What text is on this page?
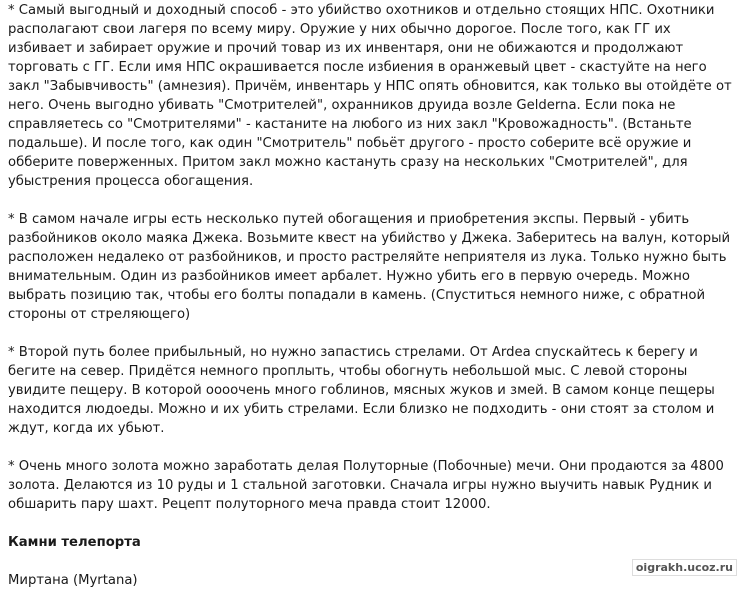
* Самый выгодный и доходный способ - это убийство охотников и отдельно стоящих НПС. Охотники располагают свои лагеря по всему миру. Оружие у них обычно дорогое. После того, как ГГ их избивает и забирает оружие и прочий товар из их инвентаря, они не обижаются и продолжают торговать с ГГ. Если имя НПС окрашивается после избиения в оранжевый цвет - скастуйте на него закл "Забывчивость" (амнезия). Причём, инвентарь у НПС опять обновится, как только вы отойдёте от него. Очень выгодно убивать "Смотрителей", охранников друида возле Gelderna. Если пока не справляетесь со "Смотрителями" - кастаните на любого из них закл "Кровожадность". (Встаньте подальше). И после того, как один "Смотритель" побьёт другого - просто соберите всё оружие и обберите поверженных. Притом закл можно кастануть сразу на нескольких "Смотрителей", для убыстрения процесса обогащения.

* В самом начале игры есть несколько путей обогащения и приобретения экспы. Первый - убить разбойников около маяка Джека. Возьмите квест на убийство у Джека. Заберитесь на валун, который расположен недалеко от разбойников, и просто растреляйте неприятеля из лука. Только нужно быть внимательным. Один из разбойников имеет арбалет. Нужно убить его в первую очередь. Можно выбрать позицию так, чтобы его болты попадали в камень. (Спуститься немного ниже, с обратной стороны от стреляющего)

* Второй путь более прибыльный, но нужно запастись стрелами. От Ardea спускайтесь к берегу и бегите на север. Придётся немного проплыть, чтобы обогнуть небольшой мыс. С левой стороны увидите пещеру. В которой оооочень много гоблинов, мясных жуков и змей. В самом конце пещеры находится людоеды. Можно и их убить стрелами. Если близко не подходить - они стоят за столом и ждут, когда их убьют.

* Очень много золота можно заработать делая Полуторные (Побочные) мечи. Они продаются за 4800 золота. Делаются из 10 руды и 1 стальной заготовки. Сначала игры нужно выучить навык Рудник и обшарить пару шахт. Рецепт полуторного меча правда стоит 12000.

Камни телепорта
Миртана (Myrtana)
oigrakh.ucoz.ru
